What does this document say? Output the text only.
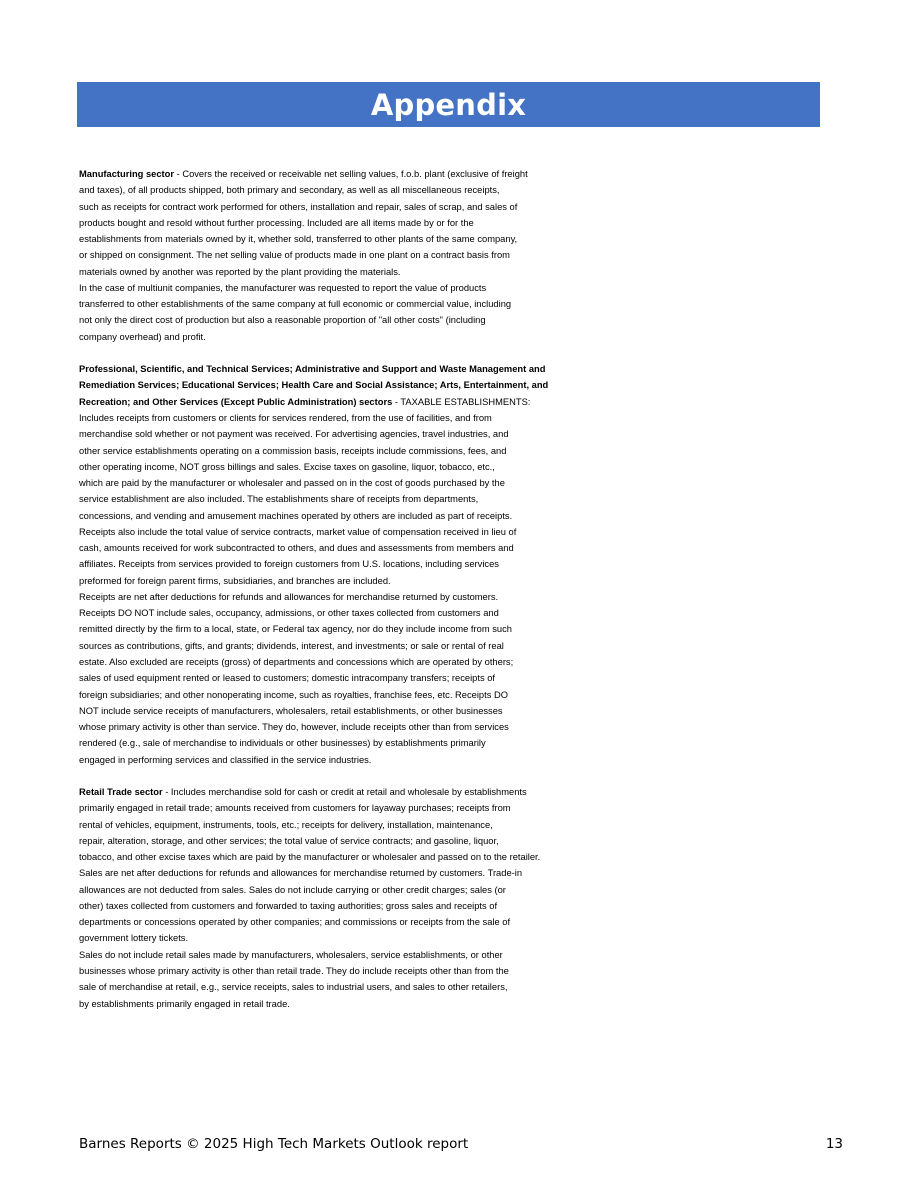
Appendix
Manufacturing sector - Covers the received or receivable net selling values, f.o.b. plant (exclusive of freight
and taxes), of all products shipped, both primary and secondary, as well as all miscellaneous receipts,
such as receipts for contract work performed for others, installation and repair, sales of scrap, and sales of
products bought and resold without further processing. Included are all items made by or for the
establishments from materials owned by it, whether sold, transferred to other plants of the same company,
or shipped on consignment. The net selling value of products made in one plant on a contract basis from
materials owned by another was reported by the plant providing the materials.
In the case of multiunit companies, the manufacturer was requested to report the value of products
transferred to other establishments of the same company at full economic or commercial value, including
not only the direct cost of production but also a reasonable proportion of "all other costs" (including
company overhead) and profit.
Professional, Scientific, and Technical Services; Administrative and Support and Waste Management and
Remediation Services; Educational Services; Health Care and Social Assistance; Arts, Entertainment, and
Recreation; and Other Services (Except Public Administration) sectors - TAXABLE ESTABLISHMENTS:
Includes receipts from customers or clients for services rendered, from the use of facilities, and from
merchandise sold whether or not payment was received. For advertising agencies, travel industries, and
other service establishments operating on a commission basis, receipts include commissions, fees, and
other operating income, NOT gross billings and sales. Excise taxes on gasoline, liquor, tobacco, etc.,
which are paid by the manufacturer or wholesaler and passed on in the cost of goods purchased by the
service establishment are also included. The establishments share of receipts from departments,
concessions, and vending and amusement machines operated by others are included as part of receipts.
Receipts also include the total value of service contracts, market value of compensation received in lieu of
cash, amounts received for work subcontracted to others, and dues and assessments from members and
affiliates. Receipts from services provided to foreign customers from U.S. locations, including services
preformed for foreign parent firms, subsidiaries, and branches are included.
Receipts are net after deductions for refunds and allowances for merchandise returned by customers.
Receipts DO NOT include sales, occupancy, admissions, or other taxes collected from customers and
remitted directly by the firm to a local, state, or Federal tax agency, nor do they include income from such
sources as contributions, gifts, and grants; dividends, interest, and investments; or sale or rental of real
estate. Also excluded are receipts (gross) of departments and concessions which are operated by others;
sales of used equipment rented or leased to customers; domestic intracompany transfers; receipts of
foreign subsidiaries; and other nonoperating income, such as royalties, franchise fees, etc. Receipts DO
NOT include service receipts of manufacturers, wholesalers, retail establishments, or other businesses
whose primary activity is other than service. They do, however, include receipts other than from services
rendered (e.g., sale of merchandise to individuals or other businesses) by establishments primarily
engaged in performing services and classified in the service industries.
Retail Trade sector - Includes merchandise sold for cash or credit at retail and wholesale by establishments
primarily engaged in retail trade; amounts received from customers for layaway purchases; receipts from
rental of vehicles, equipment, instruments, tools, etc.; receipts for delivery, installation, maintenance,
repair, alteration, storage, and other services; the total value of service contracts; and gasoline, liquor,
tobacco, and other excise taxes which are paid by the manufacturer or wholesaler and passed on to the retailer.
Sales are net after deductions for refunds and allowances for merchandise returned by customers. Trade-in
allowances are not deducted from sales. Sales do not include carrying or other credit charges; sales (or
other) taxes collected from customers and forwarded to taxing authorities; gross sales and receipts of
departments or concessions operated by other companies; and commissions or receipts from the sale of
government lottery tickets.
Sales do not include retail sales made by manufacturers, wholesalers, service establishments, or other
businesses whose primary activity is other than retail trade. They do include receipts other than from the
sale of merchandise at retail, e.g., service receipts, sales to industrial users, and sales to other retailers,
by establishments primarily engaged in retail trade.
Barnes Reports © 2025 High Tech Markets Outlook report	13
